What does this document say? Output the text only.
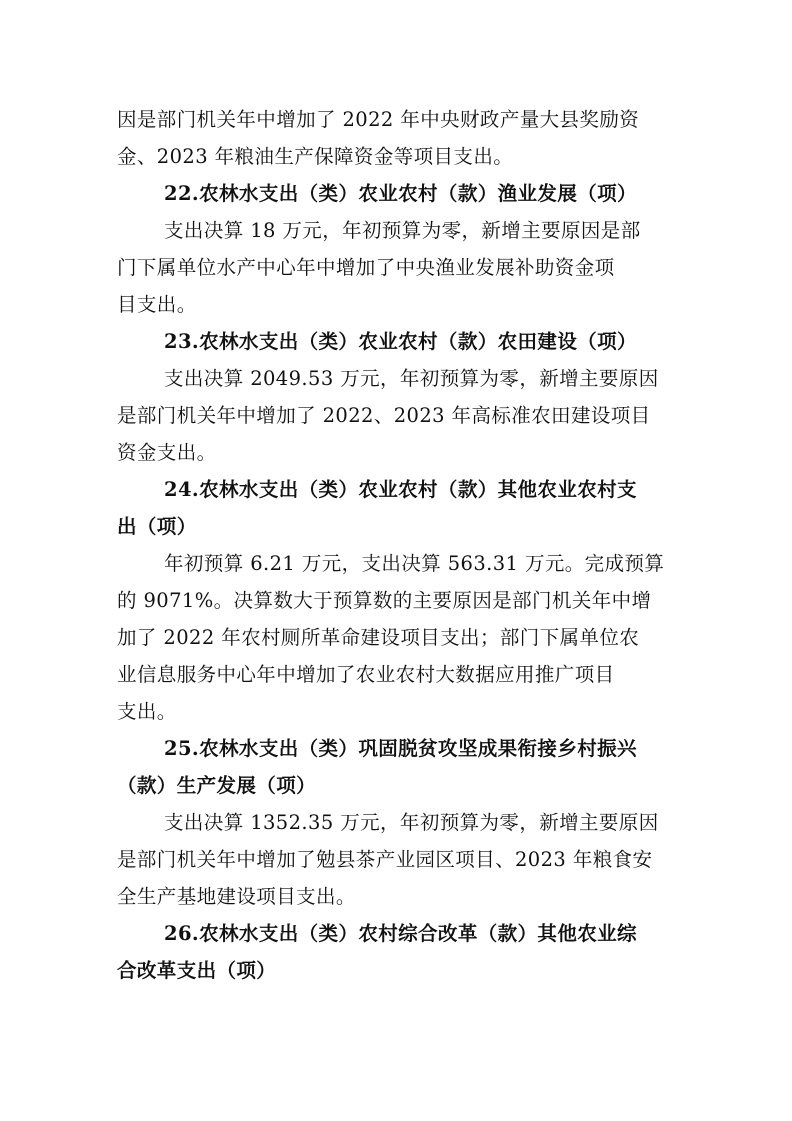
因是部门机关年中增加了 2022 年中央财政产量大县奖励资
金、2023 年粮油生产保障资金等项目支出。
22.农林水支出（类）农业农村（款）渔业发展（项）
支出决算 18 万元，年初预算为零，新增主要原因是部
门下属单位水产中心年中增加了中央渔业发展补助资金项
目支出。
23.农林水支出（类）农业农村（款）农田建设（项）
支出决算 2049.53 万元，年初预算为零，新增主要原因
是部门机关年中增加了 2022、2023 年高标准农田建设项目
资金支出。
24.农林水支出（类）农业农村（款）其他农业农村支
出（项）
年初预算 6.21 万元，支出决算 563.31 万元。完成预算
的 9071%。决算数大于预算数的主要原因是部门机关年中增
加了 2022 年农村厕所革命建设项目支出；部门下属单位农
业信息服务中心年中增加了农业农村大数据应用推广项目
支出。
25.农林水支出（类）巩固脱贫攻坚成果衔接乡村振兴
（款）生产发展（项）
支出决算 1352.35 万元，年初预算为零，新增主要原因
是部门机关年中增加了勉县茶产业园区项目、2023 年粮食安
全生产基地建设项目支出。
26.农林水支出（类）农村综合改革（款）其他农业综
合改革支出（项）
